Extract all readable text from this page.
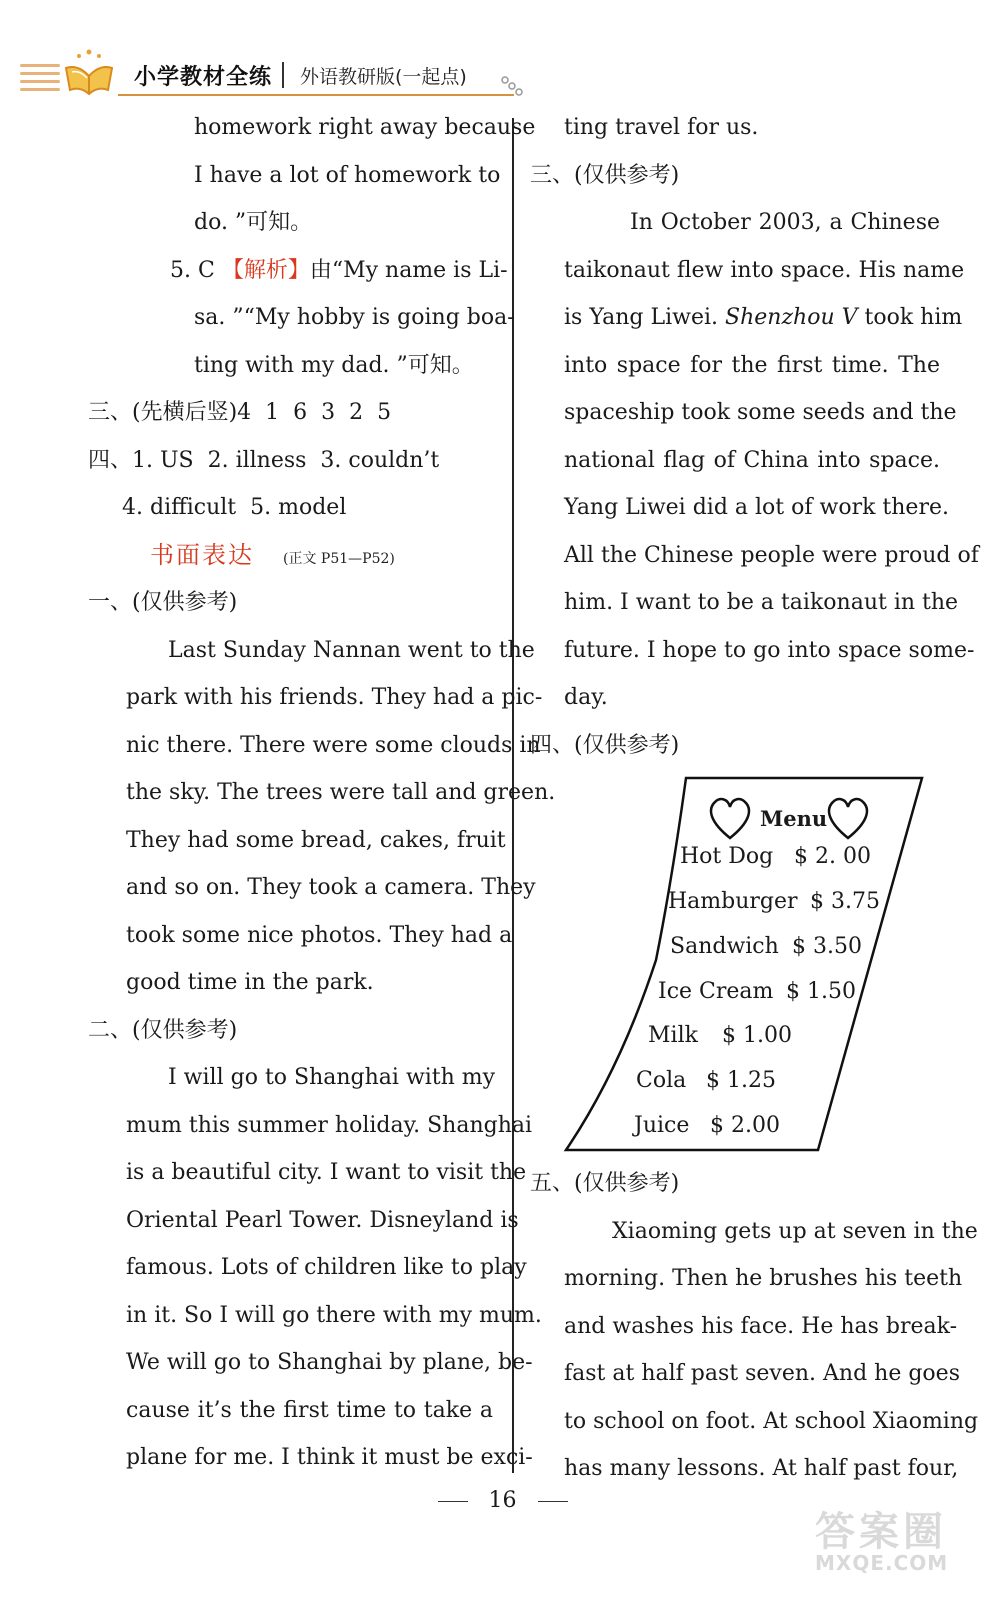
小学教材全练 外语教研版(一起点)
homework right away because
I have a lot of homework to
do. ”可知。
5. C 【解析】由“My name is Li-
sa. ”“My hobby is going boa-
ting with my dad. ”可知。
三、(先横后竖)4  1  6  3  2  5
四、1. US  2. illness  3. couldn’t
4. difficult  5. model
书面表达 (正文 P51—P52)
一、(仅供参考)
Last Sunday Nannan went to the
park with his friends. They had a pic-
nic there. There were some clouds in
the sky. The trees were tall and green.
They had some bread, cakes, fruit
and so on. They took a camera. They
took some nice photos. They had a
good time in the park.
二、(仅供参考)
I will go to Shanghai with my
mum this summer holiday. Shanghai
is a beautiful city. I want to visit the
Oriental Pearl Tower. Disneyland is
famous. Lots of children like to play
in it. So I will go there with my mum.
We will go to Shanghai by plane, be-
cause it’s the first time to take a
plane for me. I think it must be exci-
ting travel for us.
三、(仅供参考)
In October 2003, a Chinese
taikonaut flew into space. His name
is Yang Liwei. Shenzhou V took him
into space for the first time. The
spaceship took some seeds and the
national flag of China into space.
Yang Liwei did a lot of work there.
All the Chinese people were proud of
him. I want to be a taikonaut in the
future. I hope to go into space some-
day.
四、(仅供参考)
Menu
Hot Dog $ 2. 00
Hamburger $ 3.75
Sandwich $ 3.50
Ice Cream $ 1.50
Milk $ 1.00
Cola $ 1.25
Juice $ 2.00
五、(仅供参考)
Xiaoming gets up at seven in the
morning. Then he brushes his teeth
and washes his face. He has break-
fast at half past seven. And he goes
to school on foot. At school Xiaoming
has many lessons. At half past four,
16
答案圈
MXQE.COM
